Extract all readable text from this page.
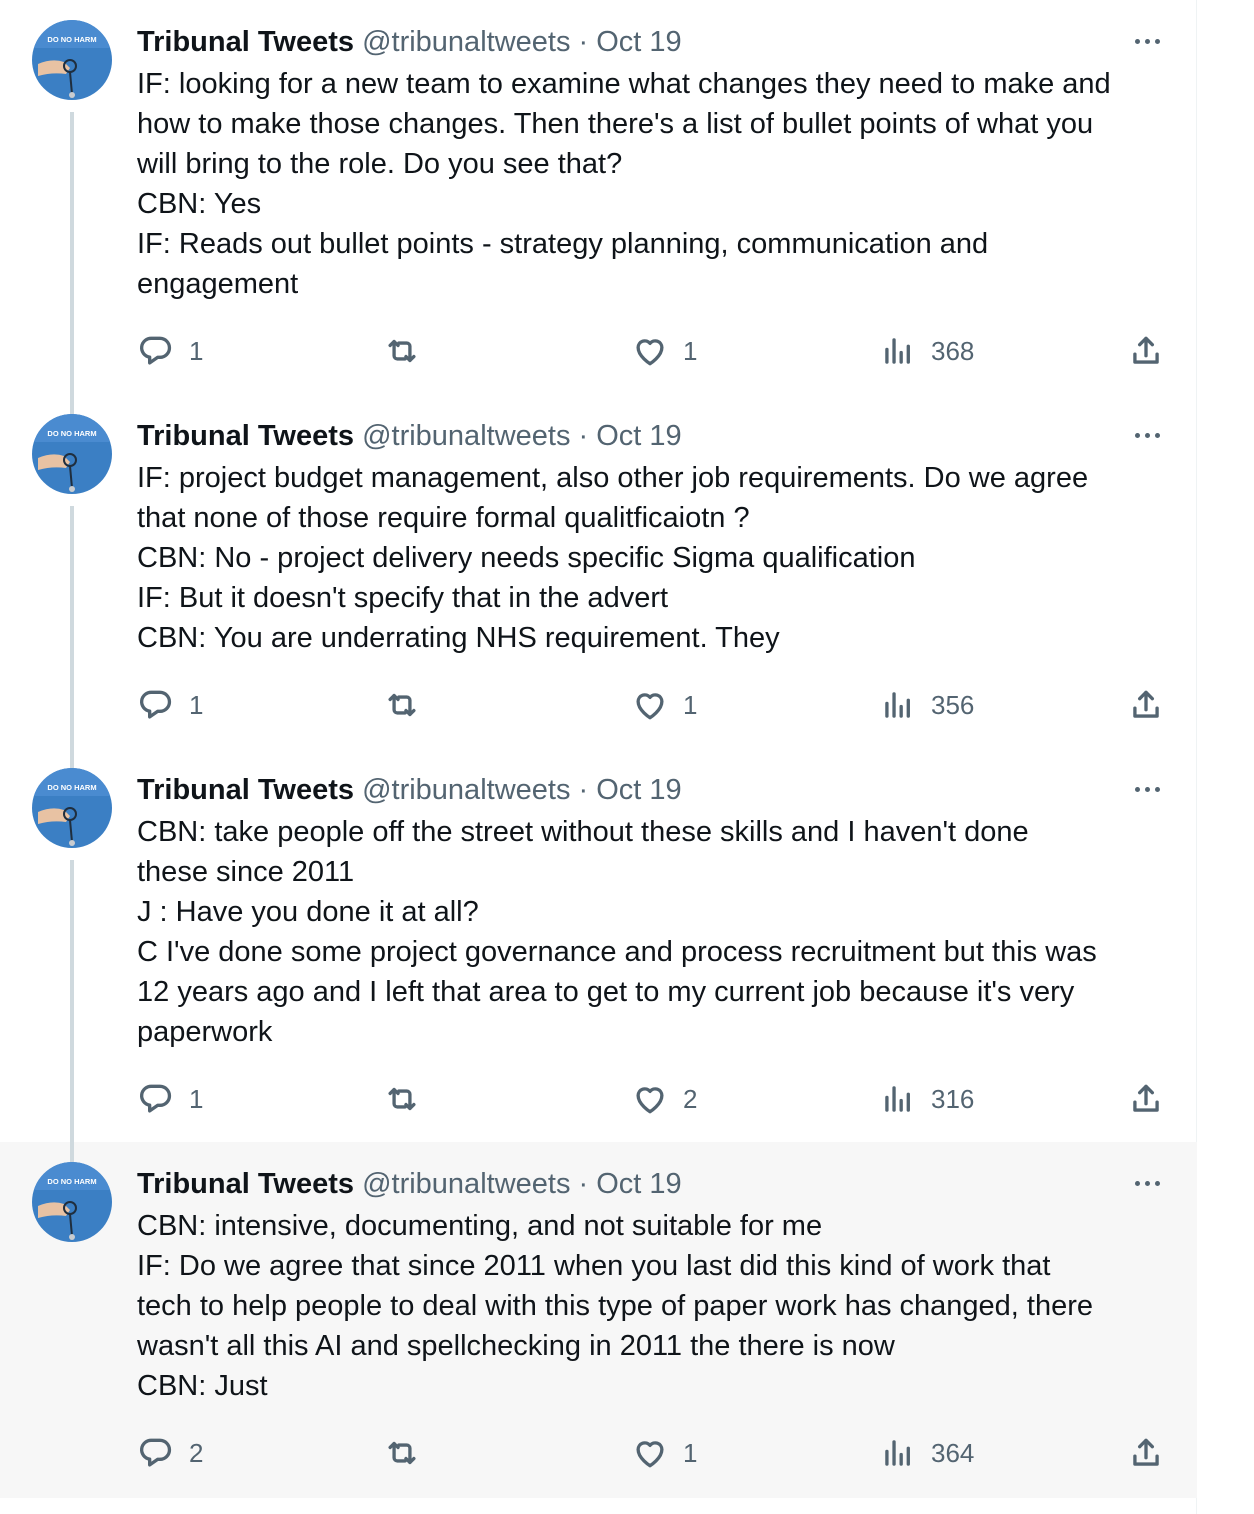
DO NO HARM Tribunal Tweets @tribunaltweets · Oct 19
IF: looking for a new team to examine what changes they need to make and
how to make those changes. Then there's a list of bullet points of what you
will bring to the role. Do you see that?
CBN: Yes
IF: Reads out bullet points - strategy planning, communication and
engagement
1	1	368
DO NO HARM Tribunal Tweets @tribunaltweets · Oct 19
IF: project budget management, also other job requirements. Do we agree
that none of those require formal qualitficaiotn ?
CBN: No - project delivery needs specific Sigma qualification
IF: But it doesn't specify that in the advert
CBN: You are underrating NHS requirement. They
1	1	356
DO NO HARM Tribunal Tweets @tribunaltweets · Oct 19
CBN: take people off the street without these skills and I haven't done
these since 2011
J : Have you done it at all?
C I've done some project governance and process recruitment but this was
12 years ago and I left that area to get to my current job because it's very
paperwork
1	2	316
DO NO HARM Tribunal Tweets @tribunaltweets · Oct 19
CBN: intensive, documenting, and not suitable for me
IF: Do we agree that since 2011 when you last did this kind of work that
tech to help people to deal with this type of paper work has changed, there
wasn't all this AI and spellchecking in 2011 the there is now
CBN: Just
2	1	364
